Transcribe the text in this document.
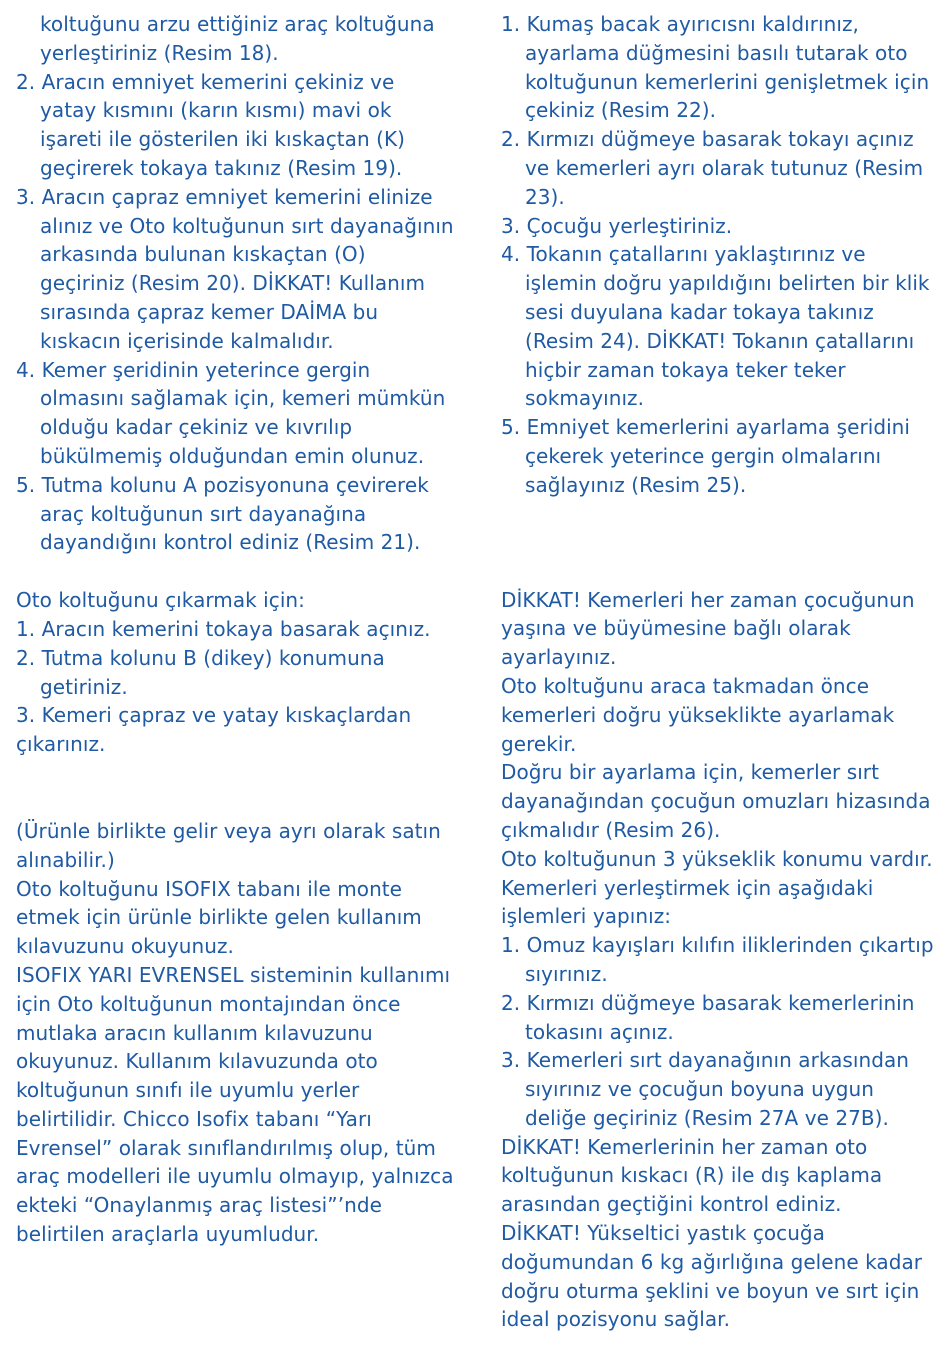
koltuğunu arzu ettiğiniz araç koltuğuna yerleştiriniz (Resim 18).

2. Aracın emniyet kemerini çekiniz ve yatay kısmını (karın kısmı) mavi ok işareti ile gösterilen iki kıskaçtan (K) geçirerek tokaya takınız (Resim 19).

3. Aracın çapraz emniyet kemerini elinize alınız ve Oto koltuğunun sırt dayanağının arkasında bulunan kıskaçtan (O) geçiriniz (Resim 20). DİKKAT! Kullanım sırasında çapraz kemer DAİMA bu kıskacın içerisinde kalmalıdır.

4. Kemer şeridinin yeterince gergin olmasını sağlamak için, kemeri mümkün olduğu kadar çekiniz ve kıvrılıp bükülmemiş olduğundan emin olunuz.

5. Tutma kolunu A pozisyonuna çevirerek araç koltuğunun sırt dayanağına dayandığını kontrol ediniz (Resim 21).

Oto koltuğunu çıkarmak için:

1. Aracın kemerini tokaya basarak açınız.

2. Tutma kolunu B (dikey) konumuna getiriniz.

3. Kemeri çapraz ve yatay kıskaçlardan çıkarınız.

(Ürünle birlikte gelir veya ayrı olarak satın alınabilir.)

Oto koltuğunu ISOFIX tabanı ile monte etmek için ürünle birlikte gelen kullanım kılavuzunu okuyunuz.

ISOFIX YARI EVRENSEL sisteminin kullanımı için Oto koltuğunun montajından önce mutlaka aracın kullanım kılavuzunu okuyunuz. Kullanım kılavuzunda oto koltuğunun sınıfı ile uyumlu yerler belirtilidir. Chicco Isofix tabanı “Yarı Evrensel” olarak sınıflandırılmış olup, tüm araç modelleri ile uyumlu olmayıp, yalnızca ekteki “Onaylanmış araç listesi”’nde belirtilen araçlarla uyumludur.

1. Kumaş bacak ayırıcısnı kaldırınız, ayarlama düğmesini basılı tutarak oto koltuğunun kemerlerini genişletmek için çekiniz (Resim 22).

2. Kırmızı düğmeye basarak tokayı açınız ve kemerleri ayrı olarak tutunuz (Resim 23).

3. Çocuğu yerleştiriniz.

4. Tokanın çatallarını yaklaştırınız ve işlemin doğru yapıldığını belirten bir klik sesi duyulana kadar tokaya takınız (Resim 24). DİKKAT! Tokanın çatallarını hiçbir zaman tokaya teker teker sokmayınız.

5. Emniyet kemerlerini ayarlama şeridini çekerek yeterince gergin olmalarını sağlayınız (Resim 25).

DİKKAT! Kemerleri her zaman çocuğunun yaşına ve büyümesine bağlı olarak ayarlayınız.

Oto koltuğunu araca takmadan önce kemerleri doğru yükseklikte ayarlamak gerekir.

Doğru bir ayarlama için, kemerler sırt dayanağından çocuğun omuzları hizasında çıkmalıdır (Resim 26).

Oto koltuğunun 3 yükseklik konumu vardır.

Kemerleri yerleştirmek için aşağıdaki işlemleri yapınız:

1. Omuz kayışları kılıfın iliklerinden çıkartıp sıyırınız.

2. Kırmızı düğmeye basarak kemerlerinin tokasını açınız.

3. Kemerleri sırt dayanağının arkasından sıyırınız ve çocuğun boyuna uygun deliğe geçiriniz (Resim 27A ve 27B).

DİKKAT! Kemerlerinin her zaman oto koltuğunun kıskacı (R) ile dış kaplama arasından geçtiğini kontrol ediniz.

DİKKAT! Yükseltici yastık çocuğa doğumundan 6 kg ağırlığına gelene kadar doğru oturma şeklini ve boyun ve sırt için ideal pozisyonu sağlar.
